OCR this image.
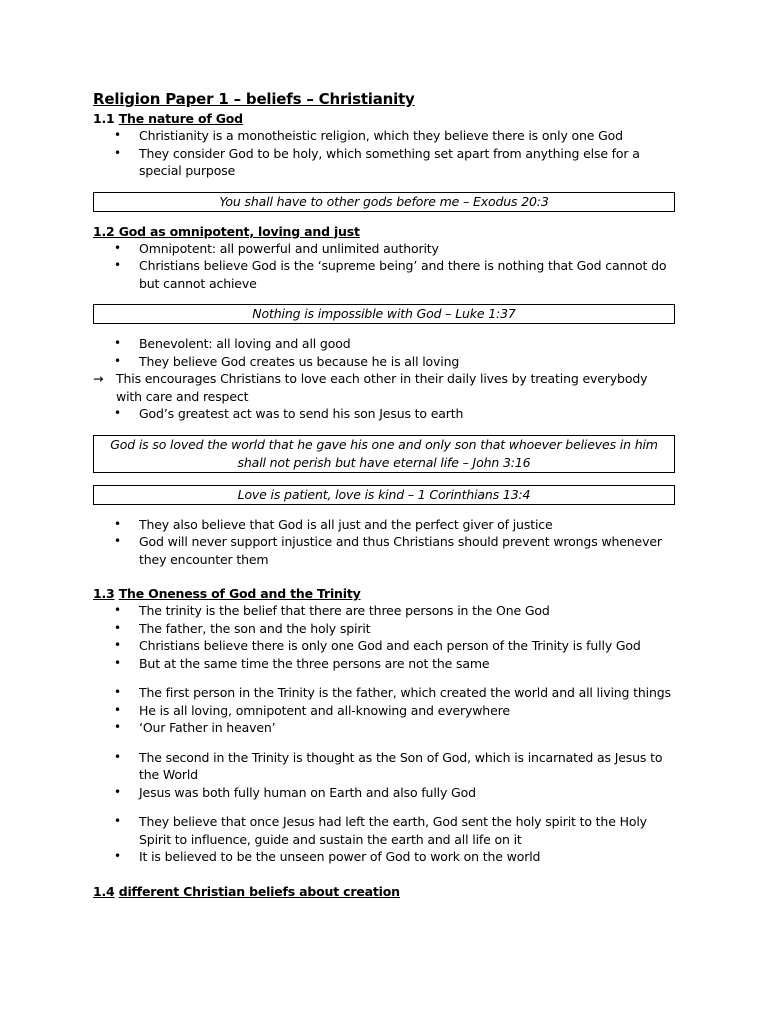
Religion Paper 1 – beliefs – Christianity
1.1 The nature of God
• Christianity is a monotheistic religion, which they believe there is only one God
• They consider God to be holy, which something set apart from anything else for a special purpose
You shall have to other gods before me – Exodus 20:3
1.2 God as omnipotent, loving and just
• Omnipotent: all powerful and unlimited authority
• Christians believe God is the ‘supreme being’ and there is nothing that God cannot do but cannot achieve
Nothing is impossible with God – Luke 1:37
• Benevolent: all loving and all good
• They believe God creates us because he is all loving
→ This encourages Christians to love each other in their daily lives by treating everybody with care and respect
• God’s greatest act was to send his son Jesus to earth
God is so loved the world that he gave his one and only son that whoever believes in him shall not perish but have eternal life – John 3:16
Love is patient, love is kind – 1 Corinthians 13:4
• They also believe that God is all just and the perfect giver of justice
• God will never support injustice and thus Christians should prevent wrongs whenever they encounter them
1.3 The Oneness of God and the Trinity
• The trinity is the belief that there are three persons in the One God
• The father, the son and the holy spirit
• Christians believe there is only one God and each person of the Trinity is fully God
• But at the same time the three persons are not the same
• The first person in the Trinity is the father, which created the world and all living things
• He is all loving, omnipotent and all-knowing and everywhere
• ‘Our Father in heaven’
• The second in the Trinity is thought as the Son of God, which is incarnated as Jesus to the World
• Jesus was both fully human on Earth and also fully God
• They believe that once Jesus had left the earth, God sent the holy spirit to the Holy Spirit to influence, guide and sustain the earth and all life on it
• It is believed to be the unseen power of God to work on the world
1.4 different Christian beliefs about creation
